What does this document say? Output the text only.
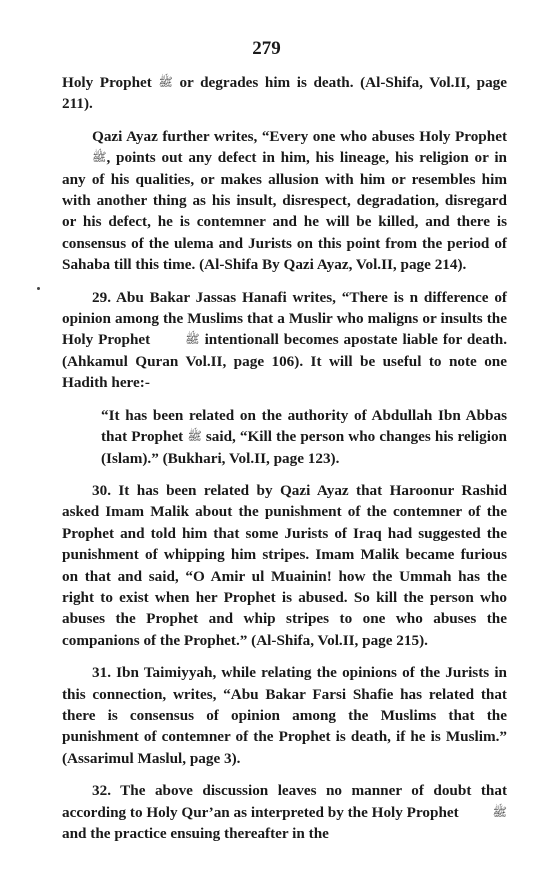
279

Holy Prophet ﷺ or degrades him is death. (Al-Shifa, Vol.II, page 211).

Qazi Ayaz further writes, “Every one who abuses Holy Prophet ﷺ, points out any defect in him, his lineage, his religion or in any of his qualities, or makes allusion with him or resembles him with another thing as his insult, disrespect, degradation, disregard or his defect, he is contemner and he will be killed, and there is consensus of the ulema and Jurists on this point from the period of Sahaba till this time. (Al-Shifa By Qazi Ayaz, Vol.II, page 214).

29. Abu Bakar Jassas Hanafi writes, “There is n difference of opinion among the Muslims that a Muslir who maligns or insults the Holy Prophet	ﷺ intentionall becomes apostate liable for death. (Ahkamul Quran Vol.II, page 106). It will be useful to note one Hadith here:-

“It has been related on the authority of Abdullah Ibn Abbas that Prophet ﷺ said, “Kill the person who changes his religion (Islam).” (Bukhari, Vol.II, page 123).

30. It has been related by Qazi Ayaz that Haroonur Rashid asked Imam Malik about the punishment of the contemner of the Prophet and told him that some Jurists of Iraq had suggested the punishment of whipping him stripes. Imam Malik became furious on that and said, “O Amir ul Muainin! how the Ummah has the right to exist when her Prophet is abused. So kill the person who abuses the Prophet and whip stripes to one who abuses the companions of the Prophet.” (Al-Shifa, Vol.II, page 215).

31. Ibn Taimiyyah, while relating the opinions of the Jurists in this connection, writes, “Abu Bakar Farsi Shafie has related that there is consensus of opinion among the Muslims that the punishment of contemner of the Prophet is death, if he is Muslim.” (Assarimul Maslul, page 3).

32. The above discussion leaves no manner of doubt that according to Holy Qur’an as interpreted by the Holy Prophet	ﷺ and the practice ensuing thereafter in the
